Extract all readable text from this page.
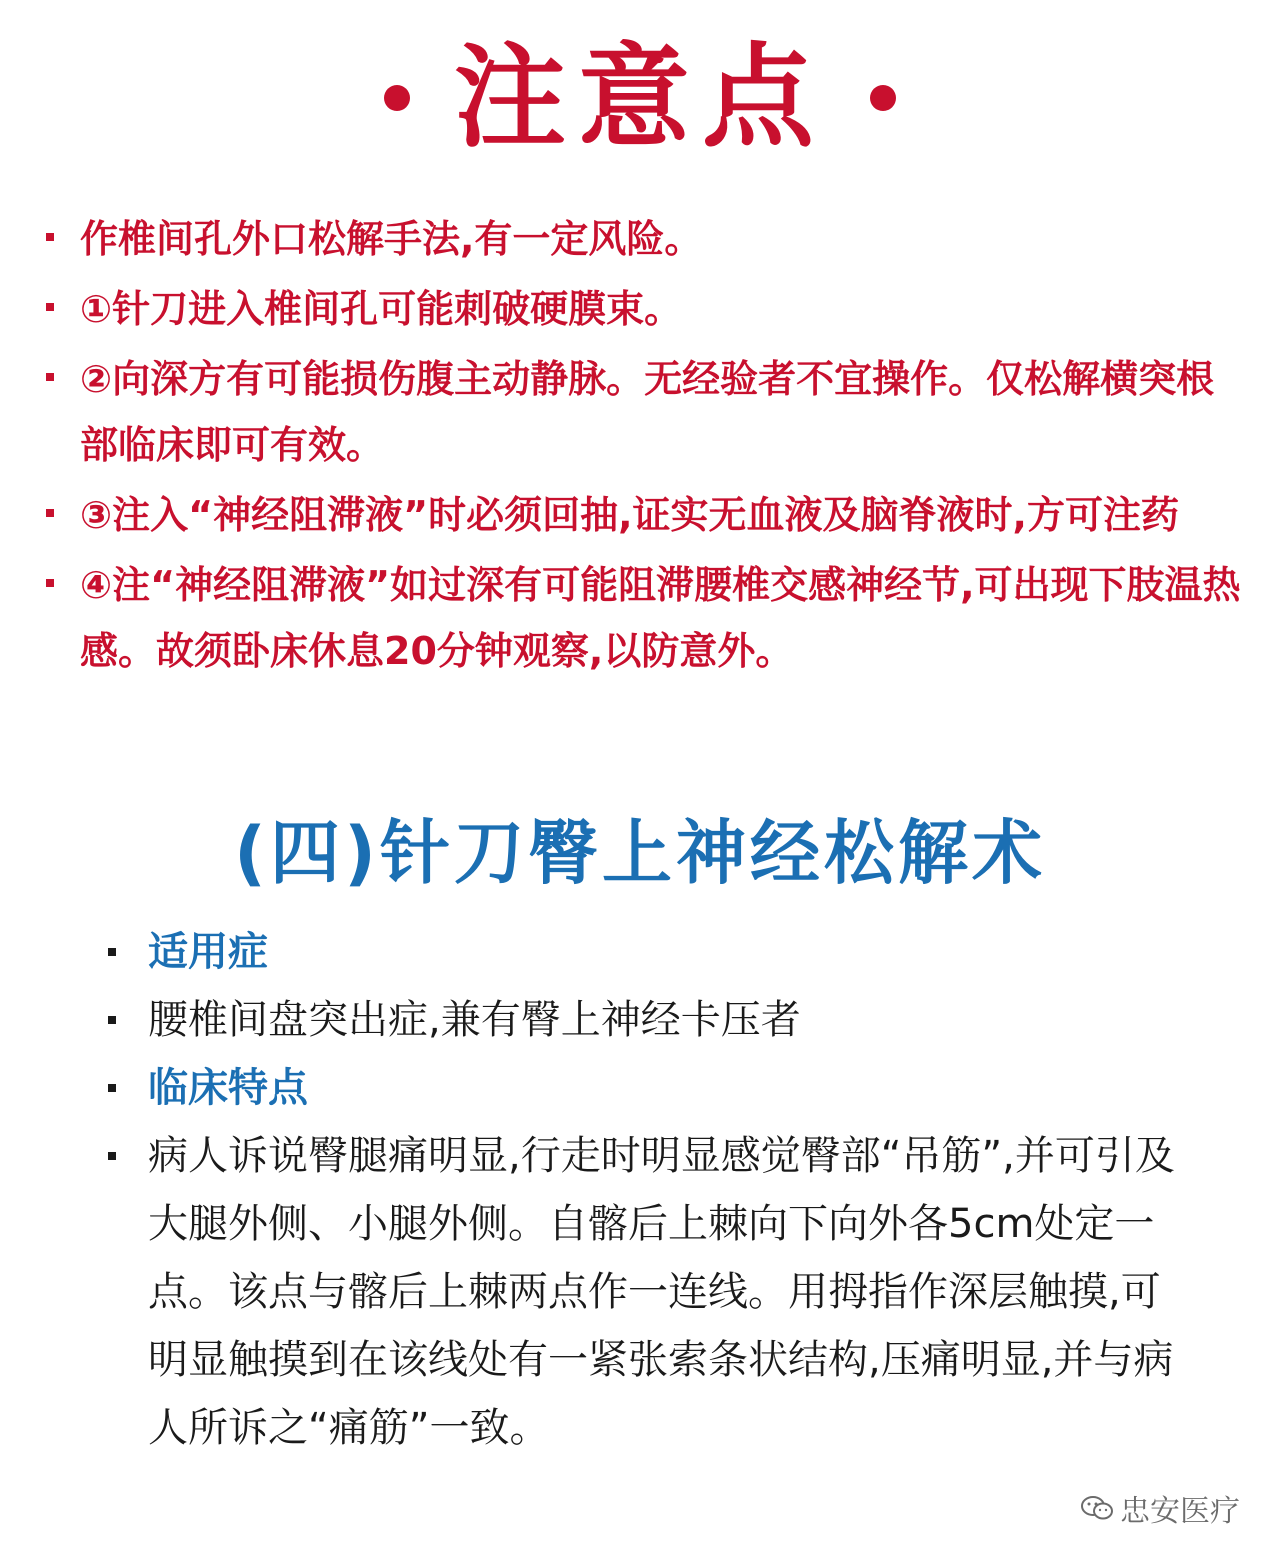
注意点
作椎间孔外口松解手法,有一定风险。
①针刀进入椎间孔可能刺破硬膜束。
②向深方有可能损伤腹主动静脉。无经验者不宜操作。仅松解横突根部临床即可有效。
③注入“神经阻滞液”时必须回抽,证实无血液及脑脊液时,方可注药
④注“神经阻滞液”如过深有可能阻滞腰椎交感神经节,可出现下肢温热感。故须卧床休息20分钟观察,以防意外。
(四)针刀臀上神经松解术
适用症
腰椎间盘突出症,兼有臀上神经卡压者
临床特点
病人诉说臀腿痛明显,行走时明显感觉臀部“吊筋”,并可引及大腿外侧、小腿外侧。自髂后上棘向下向外各5cm处定一点。该点与髂后上棘两点作一连线。用拇指作深层触摸,可明显触摸到在该线处有一紧张索条状结构,压痛明显,并与病人所诉之“痛筋”一致。
忠安医疗
